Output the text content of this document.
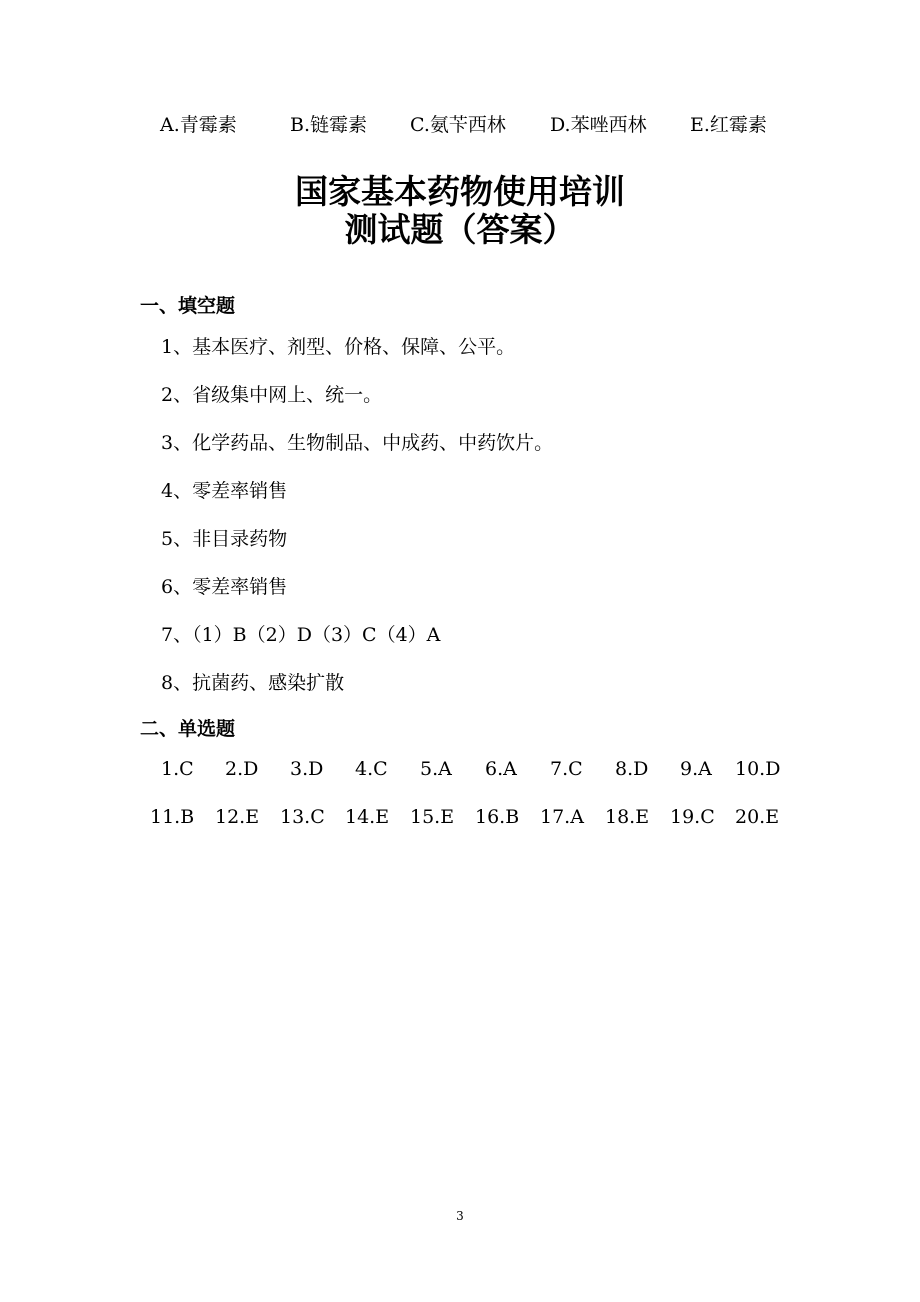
A.青霉素	B.链霉素 C.氨苄西林 D.苯唑西林 E.红霉素
国家基本药物使用培训
测试题（答案）
一、填空题
1、基本医疗、剂型、价格、保障、公平。
2、省级集中网上、统一。
3、化学药品、生物制品、中成药、中药饮片。
4、零差率销售
5、非目录药物
6、零差率销售
7、（1）B（2）D（3）C（4）A
8、抗菌药、感染扩散
二、单选题
1.C 2.D 3.D 4.C 5.A 6.A 7.C 8.D 9.A 10.D
11.B 12.E 13.C 14.E 15.E 16.B 17.A 18.E 19.C 20.E
3
